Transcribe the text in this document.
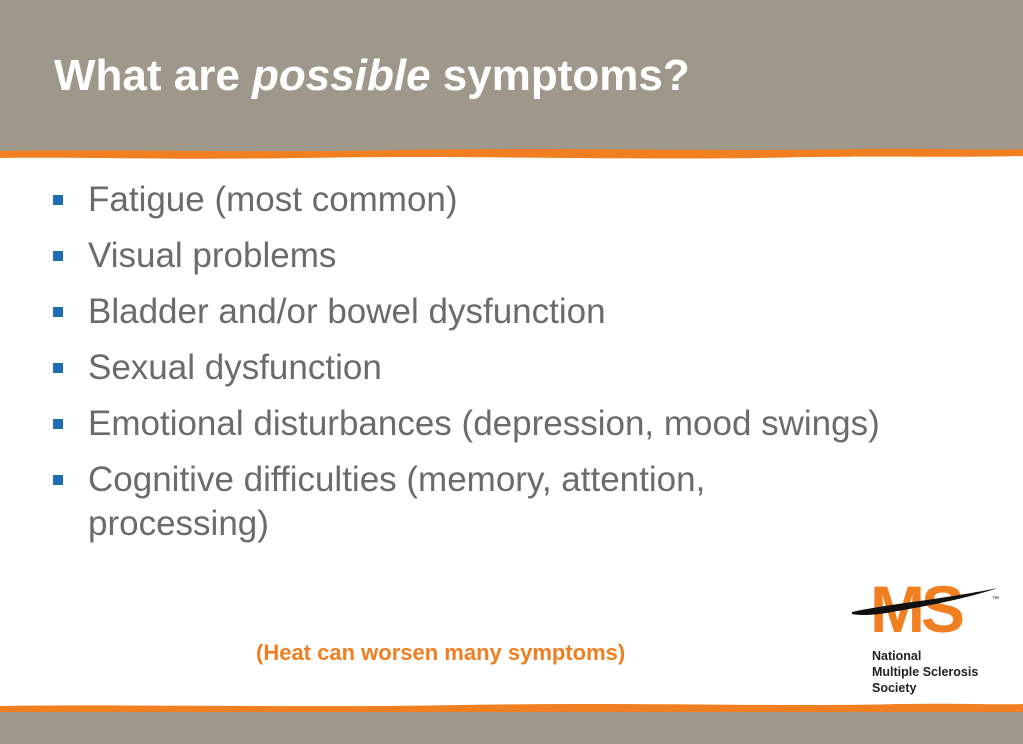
What are possible symptoms?
Fatigue (most common)
Visual problems
Bladder and/or bowel dysfunction
Sexual dysfunction
Emotional disturbances (depression, mood swings)
Cognitive difficulties (memory, attention, processing)

(Heat can worsen many symptoms)

MS	™
National
Multiple Sclerosis
Society
